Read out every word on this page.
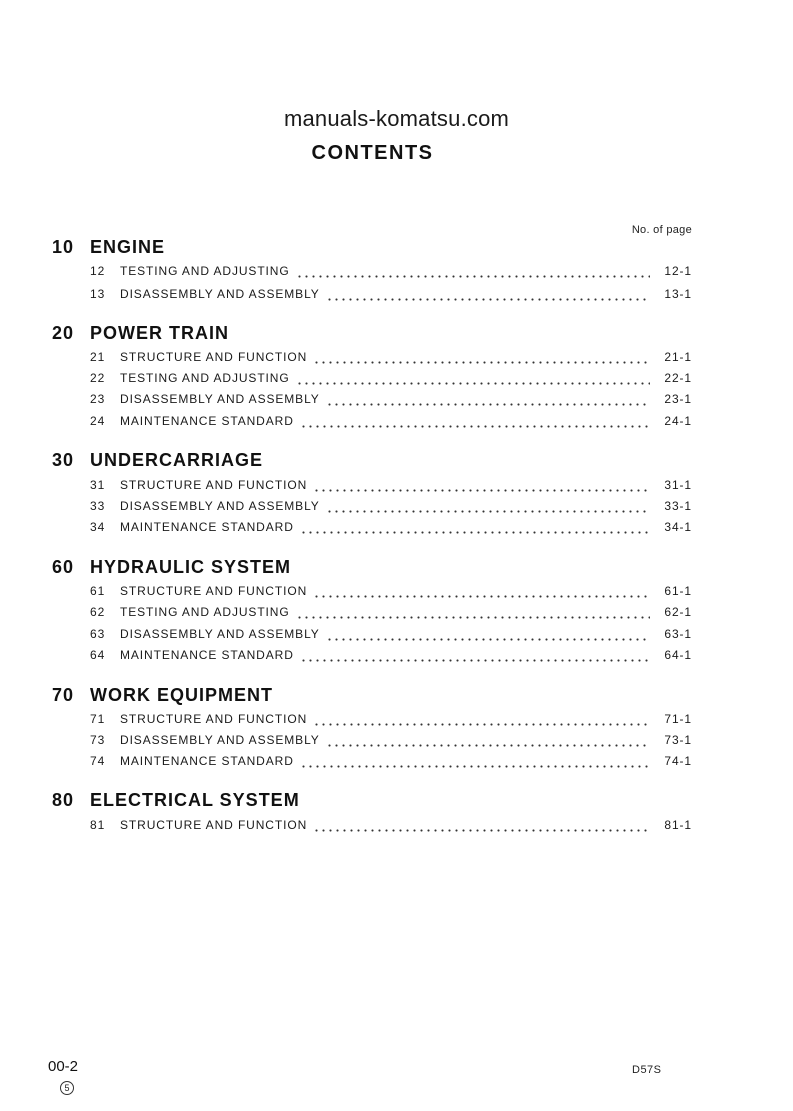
manuals-komatsu.com
CONTENTS
No. of page
10 ENGINE
12	TESTING AND ADJUSTING	12-1
13	DISASSEMBLY AND ASSEMBLY	13-1
20 POWER TRAIN
21	STRUCTURE AND FUNCTION	21-1
22	TESTING AND ADJUSTING	22-1
23	DISASSEMBLY AND ASSEMBLY	23-1
24	MAINTENANCE STANDARD	24-1
30 UNDERCARRIAGE
31	STRUCTURE AND FUNCTION	31-1
33	DISASSEMBLY AND ASSEMBLY	33-1
34	MAINTENANCE STANDARD	34-1
60 HYDRAULIC SYSTEM
61	STRUCTURE AND FUNCTION	61-1
62	TESTING AND ADJUSTING	62-1
63	DISASSEMBLY AND ASSEMBLY	63-1
64	MAINTENANCE STANDARD	64-1
70 WORK EQUIPMENT
71	STRUCTURE AND FUNCTION	71-1
73	DISASSEMBLY AND ASSEMBLY	73-1
74	MAINTENANCE STANDARD	74-1
80 ELECTRICAL SYSTEM
81	STRUCTURE AND FUNCTION	81-1
00-2
5
D57S
